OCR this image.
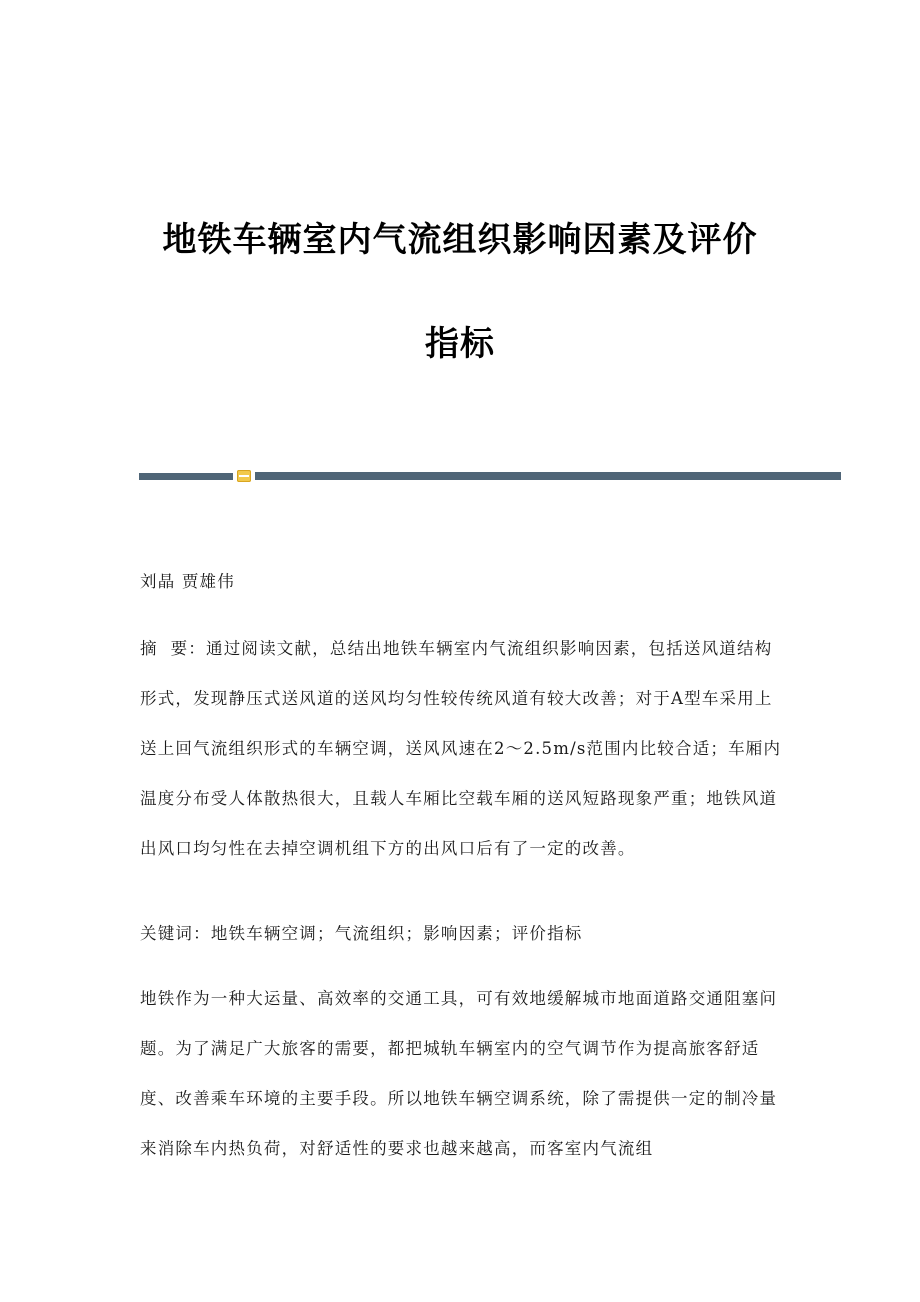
地铁车辆室内气流组织影响因素及评价
指标

刘晶 贾雄伟

摘  要：通过阅读文献，总结出地铁车辆室内气流组织影响因素，包括送风道结构形式，发现静压式送风道的送风均匀性较传统风道有较大改善；对于A型车采用上送上回气流组织形式的车辆空调，送风风速在2～2.5m/s范围内比较合适；车厢内温度分布受人体散热很大，且载人车厢比空载车厢的送风短路现象严重；地铁风道出风口均匀性在去掉空调机组下方的出风口后有了一定的改善。

关键词：地铁车辆空调；气流组织；影响因素；评价指标

地铁作为一种大运量、高效率的交通工具，可有效地缓解城市地面道路交通阻塞问题。为了满足广大旅客的需要，都把城轨车辆室内的空气调节作为提高旅客舒适度、改善乘车环境的主要手段。所以地铁车辆空调系统，除了需提供一定的制冷量来消除车内热负荷，对舒适性的要求也越来越高，而客室内气流组
